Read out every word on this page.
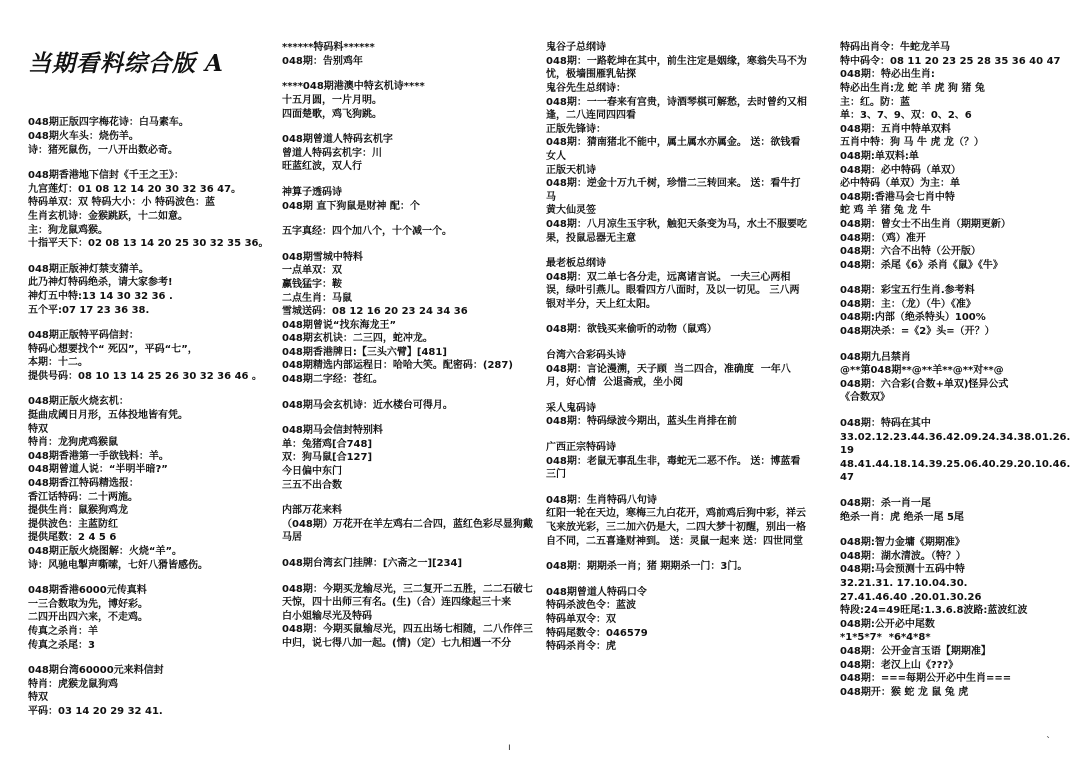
当期看料综合版 A

048期正版四字梅花诗：白马素车。
048期火车头：烧伤羊。
诗：猪死鼠伤，一八开出数必奇。
048期香港地下信封《千王之王》：
九宫莲灯：01 08 12 14 20 30 32 36 47。
特码单双：双 特码大小：小 特码波色：蓝
生肖玄机诗：金猴跳跃，十二如意。
主：狗龙鼠鸡猴。
十指平天下：02 08 13 14 20 25 30 32 35 36。
048期正版神灯禁支猜羊。
此乃神灯特码绝杀，请大家参考!
神灯五中特:13 14 30 32 36 .
五个平:07 17 23 36 38.
048期正版特平码信封：
特码心想要找个“ 死囚”，平码“七”，
本期：十二。
提供号码：08 10 13 14 25 26 30 32 36 46 。
048期正版火烧玄机：
挺曲成阈日月形，五体投地皆有凭。
特双
特肖：龙狗虎鸡猴鼠
048期香港第一手欲钱料：羊。
048期曾道人说：“半明半暗?”
048期香江特码精选报：
香江话特码：二十两施。
提供生肖：鼠猴狗鸡龙
提供波色：主蓝防红
提供尾数：2 4 5 6
048期正版火烧图解：火烧“羊”。
诗：风驰电掣声嘶嗦，七奸八猾皆感伤。
048期香港6000元传真料
一三合数取为先，博好彩。
二四开出四六来，不走鸡。
传真之杀肖：羊
传真之杀尾：3
048期台湾60000元来料信封
特肖：虎猴龙鼠狗鸡
特双
平码：03 14 20 29 32 41.

******特码料******
048期：告别鸡年
****048期港澳中特玄机诗****
十五月圆，一片月明。
四面楚歌，鸡飞狗跳。
048期曾道人特码玄机字
曾道人特码玄机字：川
旺蓝红波，双人行
神算子透码诗
048期 直下狗鼠是财神 配：个
五字真经：四个加八个，十个减一个。
048期雪城中特料
一点单双：双
赢钱猛字：鞍
二点生肖：马鼠
雪城送码：08 12 16 20 23 24 34 36
048期曾说“找东海龙王”
048期玄机诀：二三四，蛇冲龙。
048期香港牌日:【三头六臂】[481]
048期精选内部运程日：哈哈大笑。配密码：(287)
048期二字经：苍红。
048期马会玄机诗：近水楼台可得月。
048期马会信封特别料
单：兔猪鸡[合748]
双：狗马鼠[合127]
今日偏中东门
三五不出合数
内部万花来料
（048期）万花开在羊左鸡右二合四，蓝红色彩尽显狗戴马居
048期台湾玄门挂牌：[六斋之一][234]
048期：今期买龙输尽光，三二复开二五胜，二二石破七天惊，四十出师三有名。(生)（合）连四缘起三十来
白小姐输尽光及特码
048期：今期买鼠输尽光，四五出场七相随，二八作伴三中归，说七得八加一起。(情)（定）七九相遇一不分

鬼谷子总纲诗
048期：一路乾坤在其中，前生注定是姻缘，寒翁失马不为忧，极墙围雁乳钻探
鬼谷先生总纲诗：
048期：一一春来有宫贵，诗酒琴棋可解愁，去时曾约又相逢，二八连同四四看
正版先锋诗：
048期：猜南猪北不能中，属土属水亦属金。 送：欲钱看女人
正版天机诗
048期：逆金十万九千树，珍惜二三转回来。 送：看牛打马
黄大仙灵签
048期：八月凉生玉宇秋，触犯天条变为马，水土不服要吃果，投鼠忌器无主意
最老板总纲诗
048期：双二单七各分走，远离诸言说。 一夫三心两相误，绿叶引燕儿。眼看四方八面时，及以一切见。 三八两银对半分，天上红太阳。
048期：欲钱买来偷听的动物（鼠鸡）
台湾六合彩码头诗
048期：言论漫溯，天子顾  当二四合，准确度  一年八月，好心情  公退斋戒，坐小阅
采人鬼码诗
048期：特码绿波今期出，蓝头生肖排在前
广西正宗特码诗
048期：老鼠无事乱生非，毒蛇无二恶不作。 送：博蓝看三门
048期：生肖特码八句诗
红阳一轮在天边，寒梅三九白花开，鸡前鸡后狗中彩，祥云飞来放光彩，三二加六仍是大，二四大梦十初醒，别出一格自不同，二五喜逢财神到。 送：灵鼠一起来 送：四世同堂
048期：期期杀一肖；猪 期期杀一门：3门。
048期曾道人特码口令
特码杀波色令：蓝波
特码单双令：双
特码尾数令：046579
特码杀肖令：虎

特码出肖令：牛蛇龙羊马
特中码令：08 11 20 23 25 28 35 36 40 47
048期：特必出生肖:
特必出生肖:龙 蛇 羊 虎 狗 猪 兔
主：红。防：蓝
单：3、7、9、双：0、2、6
048期：五肖中特单双料
五肖中特：狗 马 牛 虎 龙（？）
048期:单双料:单
048期：必中特码（单双）
必中特码（单双）为主：单
048期:香港马会七肖中特
蛇 鸡 羊 猪 兔 龙 牛
048期：曾女士不出生肖（期期更新）
048期：（鸡）准开
048期：六合不出特（公开版）
048期：杀尾《6》杀肖《鼠》《牛》
048期：彩宝五行生肖.参考料
048期：主：（龙）（牛）《准》
048期:内部（绝杀特头）100%
048期决杀：=《2》头=（开？）
048期九吕禁肖
@**第048期**@**羊**@**对**@
048期：六合彩(合数+单双)怪异公式
《合数双》
048期：特码在其中
33.02.12.23.44.36.42.09.24.34.38.01.26.19
48.41.44.18.14.39.25.06.40.29.20.10.46.47
048期：杀一肖一尾
绝杀一肖：虎 绝杀一尾 5尾
048期:智力金墉《期期准》
048期：湖水清波。（特？）
048期:马会预测十五码中特
32.21.31. 17.10.04.30.
27.41.46.40 .20.01.30.26
特段:24=49旺尾:1.3.6.8波路:蓝波红波
048期:公开必中尾数
*1*5*7*  *6*4*8*
048期：公开金言玉语【期期准】
048期：老汉上山《???》
048期：===每期公开必中生肖===
048期开：猴 蛇 龙 鼠 兔 虎

ı
ˋ
